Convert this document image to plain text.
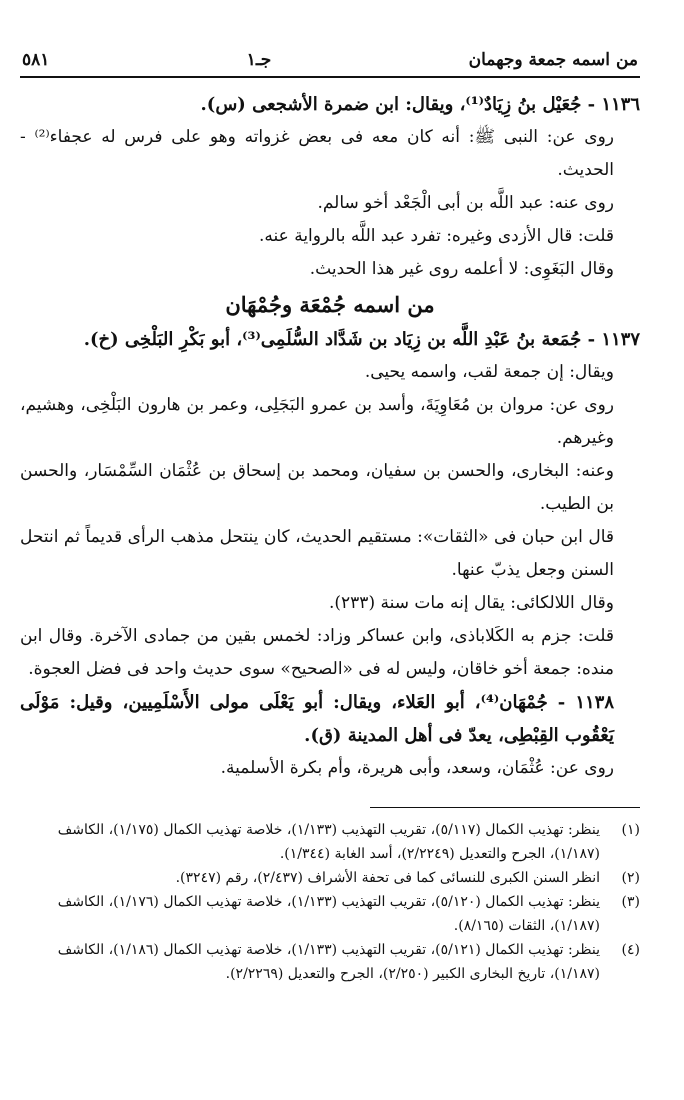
من اسمه جمعة وجهمان
جـ١
٥٨١

١١٣٦ - جُعَيْل بنُ زِيَادٌ⁽¹⁾، ويقال: ابن ضمرة الأشجعى (س).

روى عن: النبى ﷺ: أنه كان معه فى بعض غزواته وهو على فرس له عجفاء⁽²⁾ - الحديث.

روى عنه: عبد اللَّه بن أبى الْجَعْد أخو سالم.

قلت: قال الأزدى وغيره: تفرد عبد اللَّه بالرواية عنه.

وقال البَغَوِى: لا أعلمه روى غير هذا الحديث.

من اسمه جُمْعَة وجُمْهَان

١١٣٧ - جُمَعة بنُ عَبْدِ اللَّه بن زِيَاد بن شَدَّاد السُّلَمِى⁽³⁾، أبو بَكْرِ البَلْخِى (خ).

ويقال: إن جمعة لقب، واسمه يحيى.

روى عن: مروان بن مُعَاوِيَةَ، وأسد بن عمرو البَجَلِى، وعمر بن هارون البَلْخِى، وهشيم، وغيرهم.

وعنه: البخارى، والحسن بن سفيان، ومحمد بن إسحاق بن عُثْمَان السِّمْسَار، والحسن بن الطيب.

قال ابن حبان فى «الثقات»: مستقيم الحديث، كان ينتحل مذهب الرأى قديماً ثم انتحل السنن وجعل يذبّ عنها.

وقال اللالكائى: يقال إنه مات سنة (٢٣٣).

قلت: جزم به الكَلاباذى، وابن عساكر وزاد: لخمس بقين من جمادى الآخرة. وقال ابن منده: جمعة أخو خاقان، وليس له فى «الصحيح» سوى حديث واحد فى فضل العجوة.

١١٣٨ - جُمْهَان⁽⁴⁾، أبو العَلاء، ويقال: أبو يَعْلَى مولى الأَسْلَمِيين، وقيل: مَوْلَى يَعْقُوب القِبْطِى، يعدّ فى أهل المدينة (ق).

روى عن: عُثْمَان، وسعد، وأبى هريرة، وأم بكرة الأسلمية.

(١)
ينظر: تهذيب الكمال (٥/١١٧)، تقريب التهذيب (١/١٣٣)، خلاصة تهذيب الكمال (١/١٧٥)، الكاشف (١/١٨٧)، الجرح والتعديل (٢/٢٢٤٩)، أسد الغابة (١/٣٤٤).
(٢)
انظر السنن الكبرى للنسائى كما فى تحفة الأشراف (٢/٤٣٧)، رقم (٣٢٤٧).
(٣)
ينظر: تهذيب الكمال (٥/١٢٠)، تقريب التهذيب (١/١٣٣)، خلاصة تهذيب الكمال (١/١٧٦)، الكاشف (١/١٨٧)، الثقات (٨/١٦٥).
(٤)
ينظر: تهذيب الكمال (٥/١٢١)، تقريب التهذيب (١/١٣٣)، خلاصة تهذيب الكمال (١/١٨٦)، الكاشف (١/١٨٧)، تاريخ البخارى الكبير (٢/٢٥٠)، الجرح والتعديل (٢/٢٢٦٩).
